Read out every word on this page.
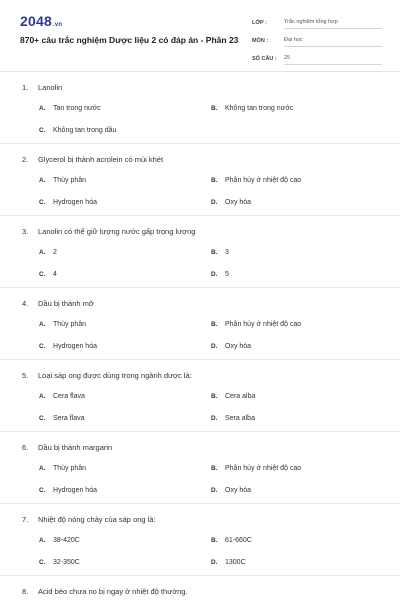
2048.vn
870+ câu trắc nghiệm Dược liệu 2 có đáp án - Phần 23
LỚP :	Trắc nghiệm tổng hợp
MÔN :	Đại học
SỐ CÂU :	25
1. Lanolin
A. Tan trong nước	B. Không tan trong nước
C. Không tan trong dầu
2. Glycerol bị thành acrolein có mùi khét
A. Thủy phân	B. Phân hủy ở nhiệt độ cao
C. Hydrogen hóa	D. Oxy hóa
3. Lanolin có thể giữ lượng nước gấp trọng lượng
A. 2	B. 3
C. 4	D. 5
4. Dầu bị thành mỡ
A. Thủy phân	B. Phân hủy ở nhiệt độ cao
C. Hydrogen hóa	D. Oxy hóa
5. Loại sáp ong được dùng trong ngành dược là:
A. Cera flava	B. Cera alba
C. Sera flava	D. Sera alba
6. Dầu bị thành margarin
A. Thủy phân	B. Phân hủy ở nhiệt độ cao
C. Hydrogen hóa	D. Oxy hóa
7. Nhiệt độ nóng chảy của sáp ong là:
A. 38-420C	B. 61-660C
C. 32-350C	D. 1300C
8. Acid béo chưa no bị ngay ở nhiệt độ thường.
